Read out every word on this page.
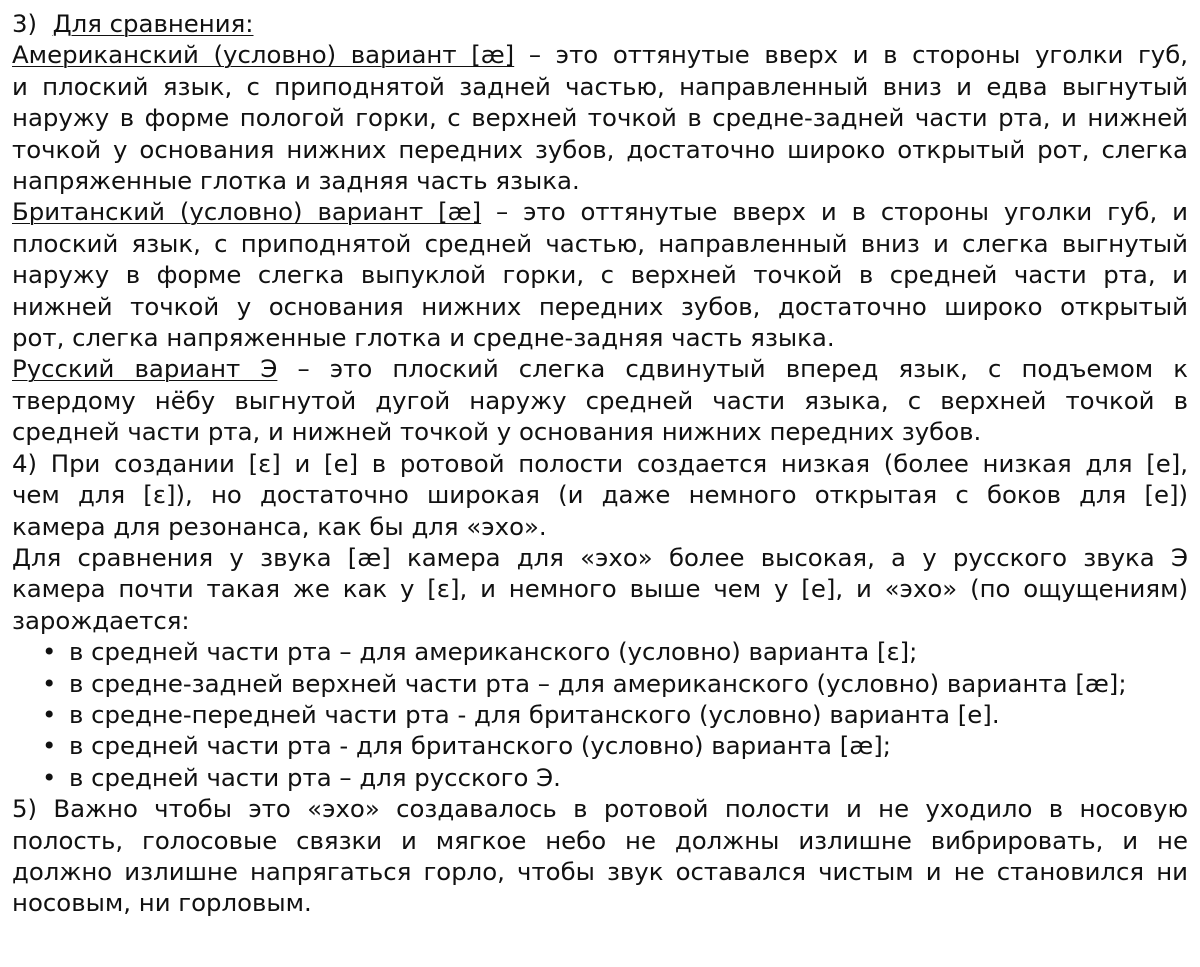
3) Для сравнения:
Американский (условно) вариант [æ] – это оттянутые вверх и в стороны уголки губ,
и плоский язык, с приподнятой задней частью, направленный вниз и едва выгнутый
наружу в форме пологой горки, с верхней точкой в средне-задней части рта, и нижней
точкой у основания нижних передних зубов, достаточно широко открытый рот, слегка
напряженные глотка и задняя часть языка.
Британский (условно) вариант [æ] – это оттянутые вверх и в стороны уголки губ, и
плоский язык, с приподнятой средней частью, направленный вниз и слегка выгнутый
наружу в форме слегка выпуклой горки, с верхней точкой в средней части рта, и
нижней точкой у основания нижних передних зубов, достаточно широко открытый
рот, слегка напряженные глотка и средне-задняя часть языка.
Русский вариант Э – это плоский слегка сдвинутый вперед язык, с подъемом к
твердому нёбу выгнутой дугой наружу средней части языка, с верхней точкой в
средней части рта, и нижней точкой у основания нижних передних зубов.
4) При создании [ɛ] и [e] в ротовой полости создается низкая (более низкая для [e],
чем для [ɛ]), но достаточно широкая (и даже немного открытая с боков для [e])
камера для резонанса, как бы для «эхо».
Для сравнения у звука [æ] камера для «эхо» более высокая, а у русского звука Э
камера почти такая же как у [ɛ], и немного выше чем у [e], и «эхо» (по ощущениям)
зарождается:
• в средней части рта – для американского (условно) варианта [ɛ];
• в средне-задней верхней части рта – для американского (условно) варианта [æ];
• в средне-передней части рта - для британского (условно) варианта [e].
• в средней части рта - для британского (условно) варианта [æ];
• в средней части рта – для русского Э.
5) Важно чтобы это «эхо» создавалось в ротовой полости и не уходило в носовую
полость, голосовые связки и мягкое небо не должны излишне вибрировать, и не
должно излишне напрягаться горло, чтобы звук оставался чистым и не становился ни
носовым, ни горловым.
